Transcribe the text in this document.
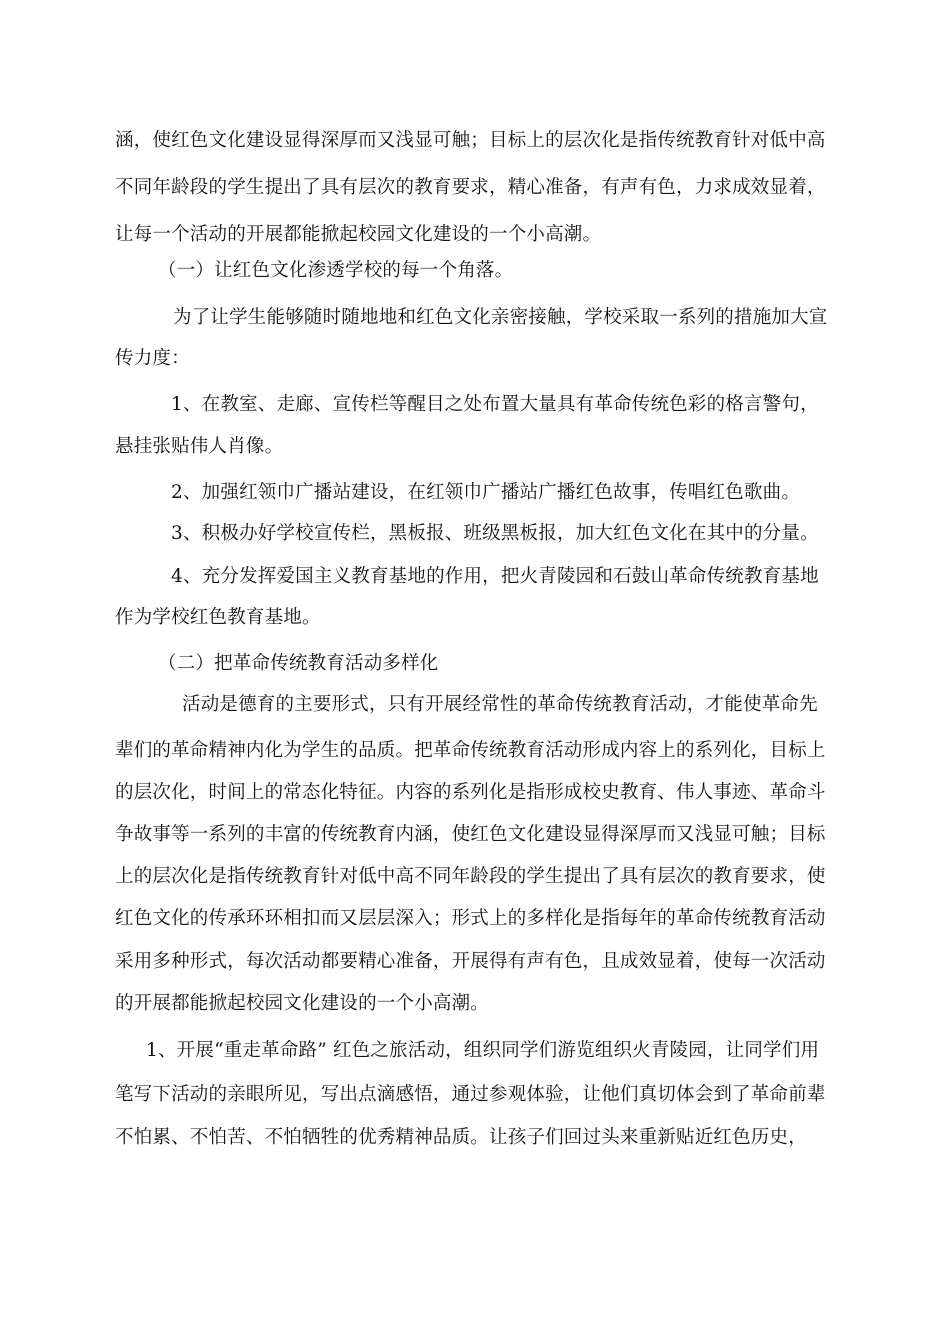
涵，使红色文化建设显得深厚而又浅显可触；目标上的层次化是指传统教育针对低中高
不同年龄段的学生提出了具有层次的教育要求，精心准备，有声有色，力求成效显着，
让每一个活动的开展都能掀起校园文化建设的一个小高潮。
（一）让红色文化渗透学校的每一个角落。
为了让学生能够随时随地地和红色文化亲密接触，学校采取一系列的措施加大宣
传力度：
1、在教室、走廊、宣传栏等醒目之处布置大量具有革命传统色彩的格言警句，
悬挂张贴伟人肖像。
2、加强红领巾广播站建设，在红领巾广播站广播红色故事，传唱红色歌曲。
3、积极办好学校宣传栏，黑板报、班级黑板报，加大红色文化在其中的分量。
4、充分发挥爱国主义教育基地的作用，把火青陵园和石鼓山革命传统教育基地
作为学校红色教育基地。
（二）把革命传统教育活动多样化
活动是德育的主要形式，只有开展经常性的革命传统教育活动，才能使革命先
辈们的革命精神内化为学生的品质。把革命传统教育活动形成内容上的系列化，目标上
的层次化，时间上的常态化特征。内容的系列化是指形成校史教育、伟人事迹、革命斗
争故事等一系列的丰富的传统教育内涵，使红色文化建设显得深厚而又浅显可触；目标
上的层次化是指传统教育针对低中高不同年龄段的学生提出了具有层次的教育要求，使
红色文化的传承环环相扣而又层层深入；形式上的多样化是指每年的革命传统教育活动
采用多种形式，每次活动都要精心准备，开展得有声有色，且成效显着，使每一次活动
的开展都能掀起校园文化建设的一个小高潮。
1、开展“重走革命路” 红色之旅活动，组织同学们游览组织火青陵园，让同学们用
笔写下活动的亲眼所见，写出点滴感悟，通过参观体验，让他们真切体会到了革命前辈
不怕累、不怕苦、不怕牺牲的优秀精神品质。让孩子们回过头来重新贴近红色历史，
